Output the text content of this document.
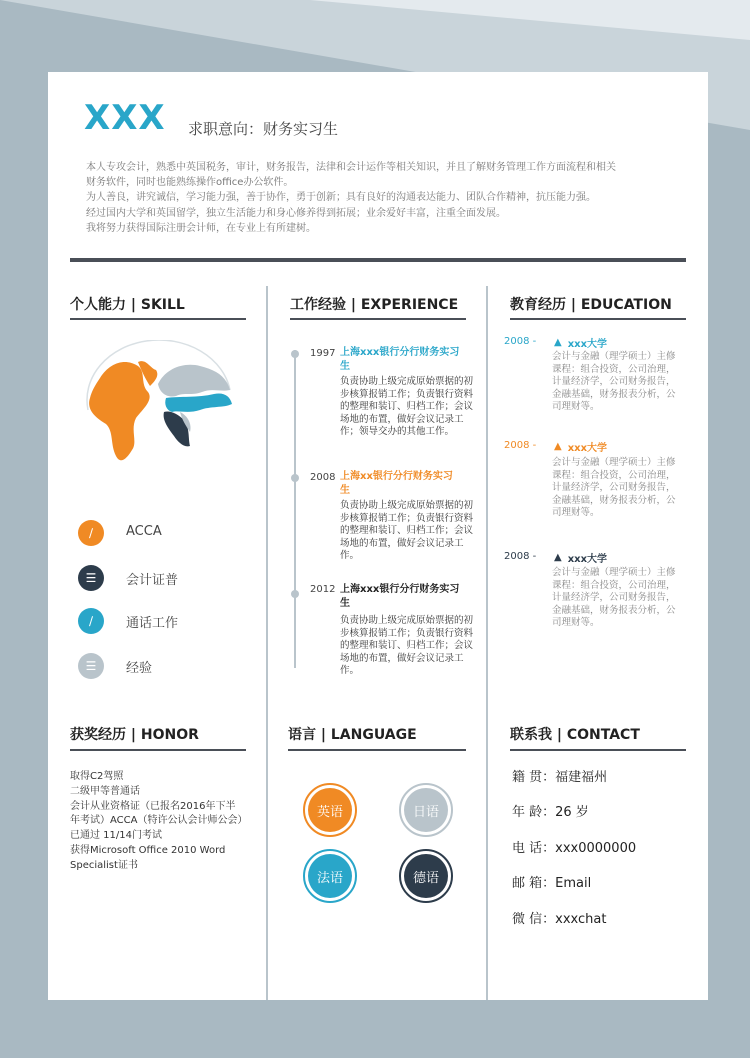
XXX 求职意向：财务实习生
本人专攻会计，熟悉中英国税务，审计，财务报告，法律和会计运作等相关知识，并且了解财务管理工作方面流程和相关
财务软件，同时也能熟练操作office办公软件。
为人善良，讲究诚信，学习能力强，善于协作，勇于创新；具有良好的沟通表达能力、团队合作精神，抗压能力强。
经过国内大学和英国留学，独立生活能力和身心修养得到拓展；业余爱好丰富，注重全面发展。
我将努力获得国际注册会计师，在专业上有所建树。
个人能力 | SKILL
∕	ACCA
☰	会计证普
∕	通话工作
☰	经验
工作经验 | EXPERIENCE
1997 上海xxx银行分行财务实习生
负责协助上级完成原始票据的初步核算报销工作；负责银行资料的整理和装订、归档工作；会议场地的布置，做好会议记录工作；领导交办的其他工作。
2008 上海xx银行分行财务实习生
负责协助上级完成原始票据的初步核算报销工作；负责银行资料的整理和装订、归档工作；会议场地的布置，做好会议记录工作。
2012 上海xxx银行分行财务实习生
负责协助上级完成原始票据的初步核算报销工作；负责银行资料的整理和装订、归档工作；会议场地的布置，做好会议记录工作。
教育经历 | EDUCATION
2008 - ▲ xxx大学
会计与金融（理学硕士）主修课程：组合投资，公司治理，计量经济学，公司财务报告，金融基础，财务报表分析，公司理财等。
2008 - ▲ xxx大学
会计与金融（理学硕士）主修课程：组合投资，公司治理，计量经济学，公司财务报告，金融基础，财务报表分析，公司理财等。
2008 - ▲ xxx大学
会计与金融（理学硕士）主修课程：组合投资，公司治理，计量经济学，公司财务报告，金融基础，财务报表分析，公司理财等。
获奖经历 | HONOR
取得C2驾照
二级甲等普通话
会计从业资格证（已报名2016年下半
年考试）ACCA（特许公认会计师公会）
已通过 11/14门考试
获得Microsoft Office 2010 Word
Specialist证书
语言 | LANGUAGE
英语	日语
法语	德语
联系我 | CONTACT
籍 贯：福建福州
年 龄：26 岁
电 话：xxx0000000
邮 箱：Email
微 信：xxxchat
